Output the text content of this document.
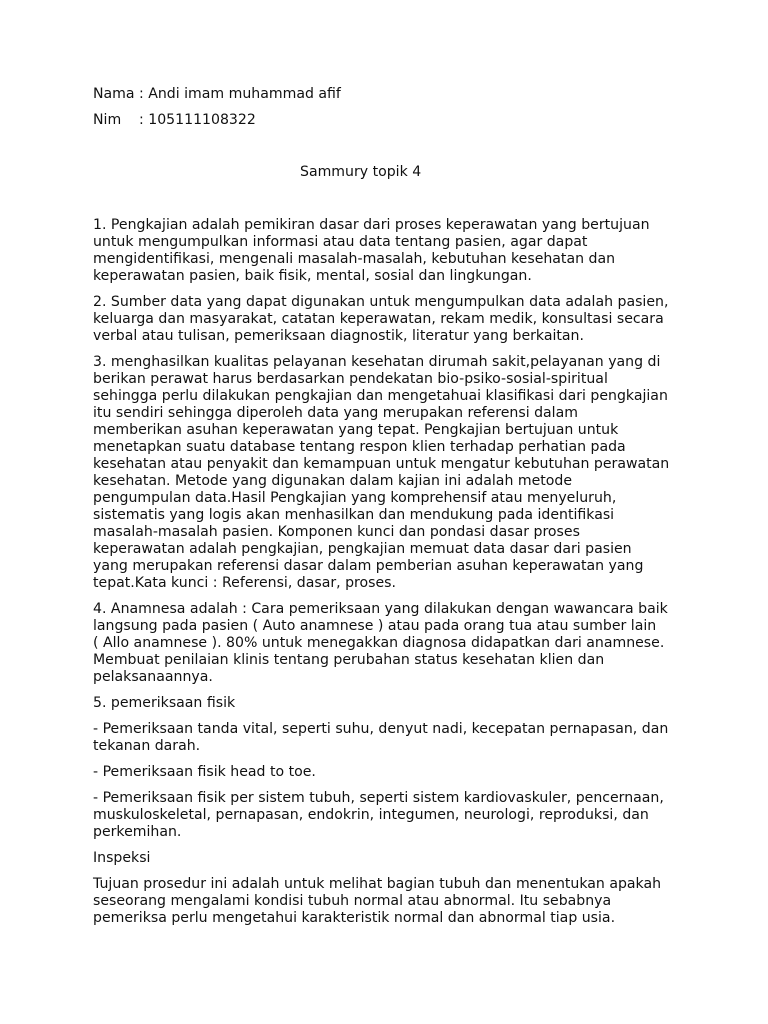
Nama : Andi imam muhammad afif
Nim : 105111108322
Sammury topik 4
1. Pengkajian adalah pemikiran dasar dari proses keperawatan yang bertujuan
untuk mengumpulkan informasi atau data tentang pasien, agar dapat
mengidentifikasi, mengenali masalah-masalah, kebutuhan kesehatan dan
keperawatan pasien, baik fisik, mental, sosial dan lingkungan.
2. Sumber data yang dapat digunakan untuk mengumpulkan data adalah pasien,
keluarga dan masyarakat, catatan keperawatan, rekam medik, konsultasi secara
verbal atau tulisan, pemeriksaan diagnostik, literatur yang berkaitan.
3. menghasilkan kualitas pelayanan kesehatan dirumah sakit,pelayanan yang di
berikan perawat harus berdasarkan pendekatan bio-psiko-sosial-spiritual
sehingga perlu dilakukan pengkajian dan mengetahuai klasifikasi dari pengkajian
itu sendiri sehingga diperoleh data yang merupakan referensi dalam
memberikan asuhan keperawatan yang tepat. Pengkajian bertujuan untuk
menetapkan suatu database tentang respon klien terhadap perhatian pada
kesehatan atau penyakit dan kemampuan untuk mengatur kebutuhan perawatan
kesehatan. Metode yang digunakan dalam kajian ini adalah metode
pengumpulan data.Hasil Pengkajian yang komprehensif atau menyeluruh,
sistematis yang logis akan menhasilkan dan mendukung pada identifikasi
masalah-masalah pasien. Komponen kunci dan pondasi dasar proses
keperawatan adalah pengkajian, pengkajian memuat data dasar dari pasien
yang merupakan referensi dasar dalam pemberian asuhan keperawatan yang
tepat.Kata kunci : Referensi, dasar, proses.
4. Anamnesa adalah : Cara pemeriksaan yang dilakukan dengan wawancara baik
langsung pada pasien ( Auto anamnese ) atau pada orang tua atau sumber lain
( Allo anamnese ). 80% untuk menegakkan diagnosa didapatkan dari anamnese.
Membuat penilaian klinis tentang perubahan status kesehatan klien dan
pelaksanaannya.
5. pemeriksaan fisik
- Pemeriksaan tanda vital, seperti suhu, denyut nadi, kecepatan pernapasan, dan
tekanan darah.
- Pemeriksaan fisik head to toe.
- Pemeriksaan fisik per sistem tubuh, seperti sistem kardiovaskuler, pencernaan,
muskuloskeletal, pernapasan, endokrin, integumen, neurologi, reproduksi, dan
perkemihan.
Inspeksi
Tujuan prosedur ini adalah untuk melihat bagian tubuh dan menentukan apakah
seseorang mengalami kondisi tubuh normal atau abnormal. Itu sebabnya
pemeriksa perlu mengetahui karakteristik normal dan abnormal tiap usia.
